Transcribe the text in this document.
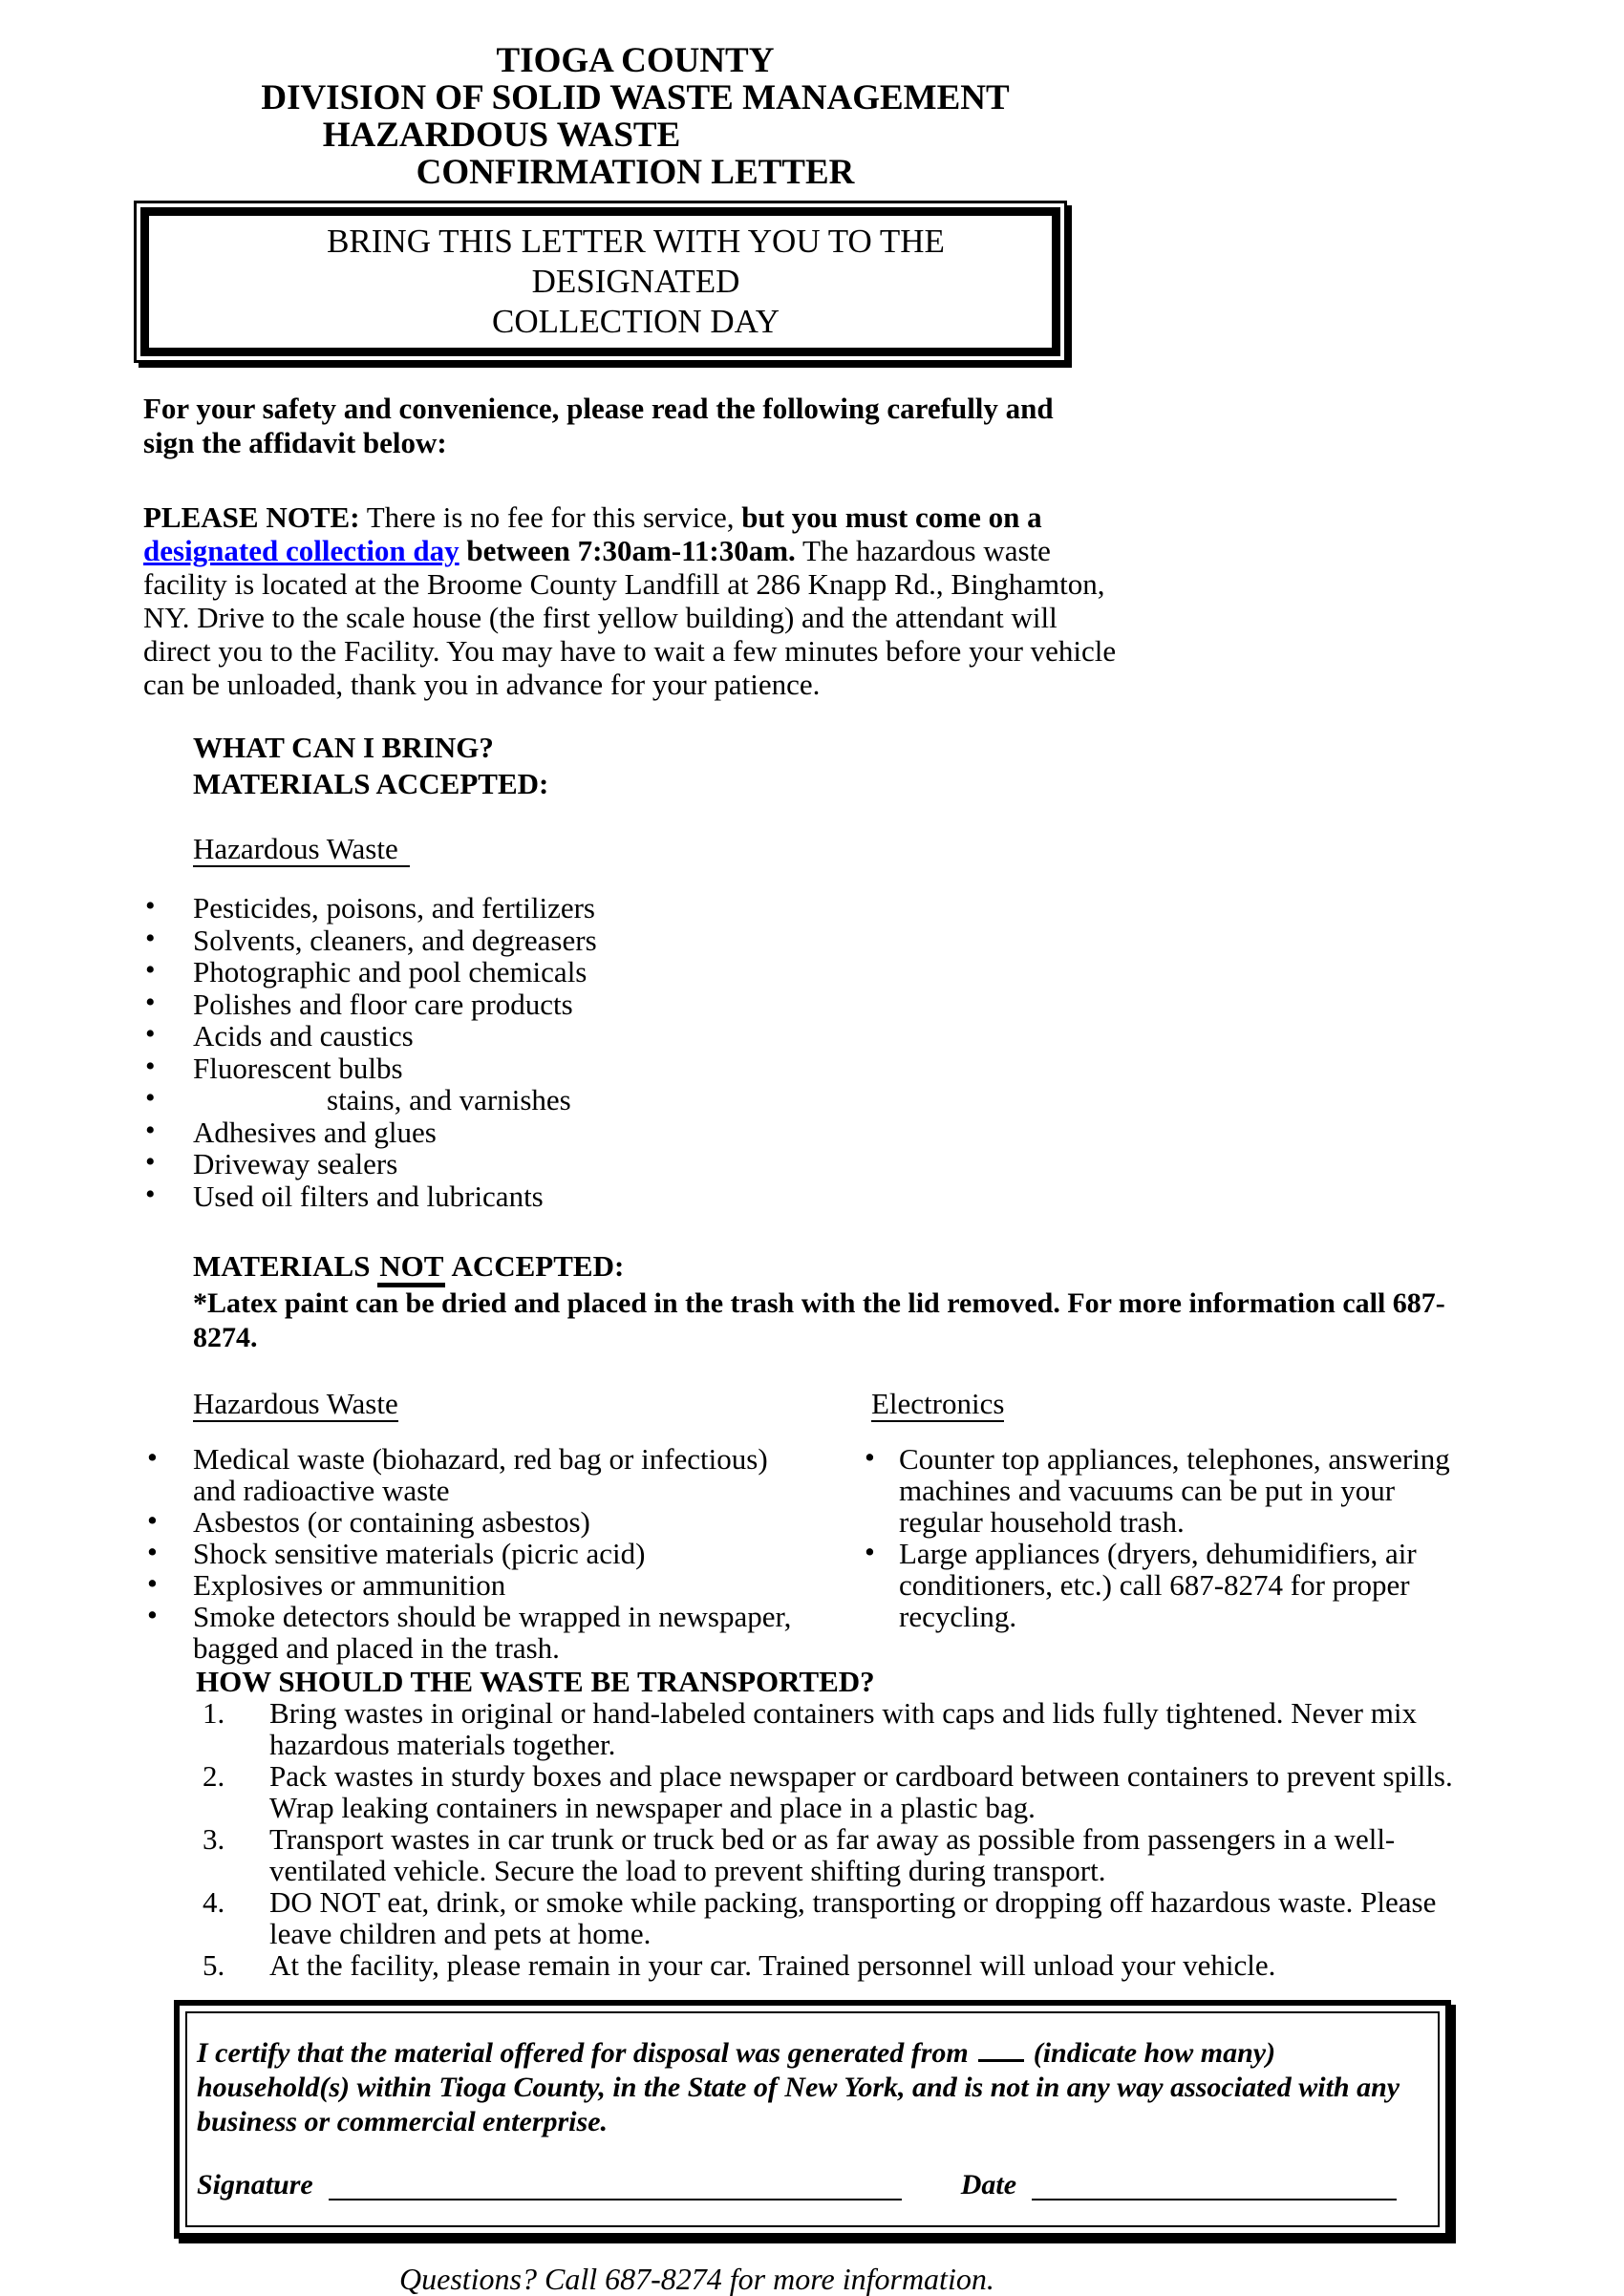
TIOGA COUNTY
DIVISION OF SOLID WASTE MANAGEMENT
HAZARDOUS WASTE
CONFIRMATION LETTER
BRING THIS LETTER WITH YOU TO THE DESIGNATED
COLLECTION DAY
For your safety and convenience, please read the following carefully and sign the affidavit below:
PLEASE NOTE: There is no fee for this service, but you must come on a designated collection day between 7:30am-11:30am. The hazardous waste facility is located at the Broome County Landfill at 286 Knapp Rd., Binghamton, NY. Drive to the scale house (the first yellow building) and the attendant will direct you to the Facility. You may have to wait a few minutes before your vehicle can be unloaded, thank you in advance for your patience.
WHAT CAN I BRING?
MATERIALS ACCEPTED:
Hazardous Waste
• Pesticides, poisons, and fertilizers
• Solvents, cleaners, and degreasers
• Photographic and pool chemicals
• Polishes and floor care products
• Acids and caustics
• Fluorescent bulbs
• stains, and varnishes
• Adhesives and glues
• Driveway sealers
• Used oil filters and lubricants
MATERIALS NOT ACCEPTED:
*Latex paint can be dried and placed in the trash with the lid removed. For more information call 687-8274.
Hazardous Waste
• Medical waste (biohazard, red bag or infectious) and radioactive waste
• Asbestos (or containing asbestos)
• Shock sensitive materials (picric acid)
• Explosives or ammunition
• Smoke detectors should be wrapped in newspaper, bagged and placed in the trash.
Electronics
• Counter top appliances, telephones, answering machines and vacuums can be put in your regular household trash.
• Large appliances (dryers, dehumidifiers, air conditioners, etc.) call 687-8274 for proper recycling.
HOW SHOULD THE WASTE BE TRANSPORTED?
1. Bring wastes in original or hand-labeled containers with caps and lids fully tightened. Never mix hazardous materials together.
2. Pack wastes in sturdy boxes and place newspaper or cardboard between containers to prevent spills. Wrap leaking containers in newspaper and place in a plastic bag.
3. Transport wastes in car trunk or truck bed or as far away as possible from passengers in a well-ventilated vehicle. Secure the load to prevent shifting during transport.
4. DO NOT eat, drink, or smoke while packing, transporting or dropping off hazardous waste. Please leave children and pets at home.
5. At the facility, please remain in your car. Trained personnel will unload your vehicle.
I certify that the material offered for disposal was generated from (indicate how many) household(s) within Tioga County, in the State of New York, and is not in any way associated with any business or commercial enterprise.
Signature	Date
Questions? Call 687-8274 for more information.
